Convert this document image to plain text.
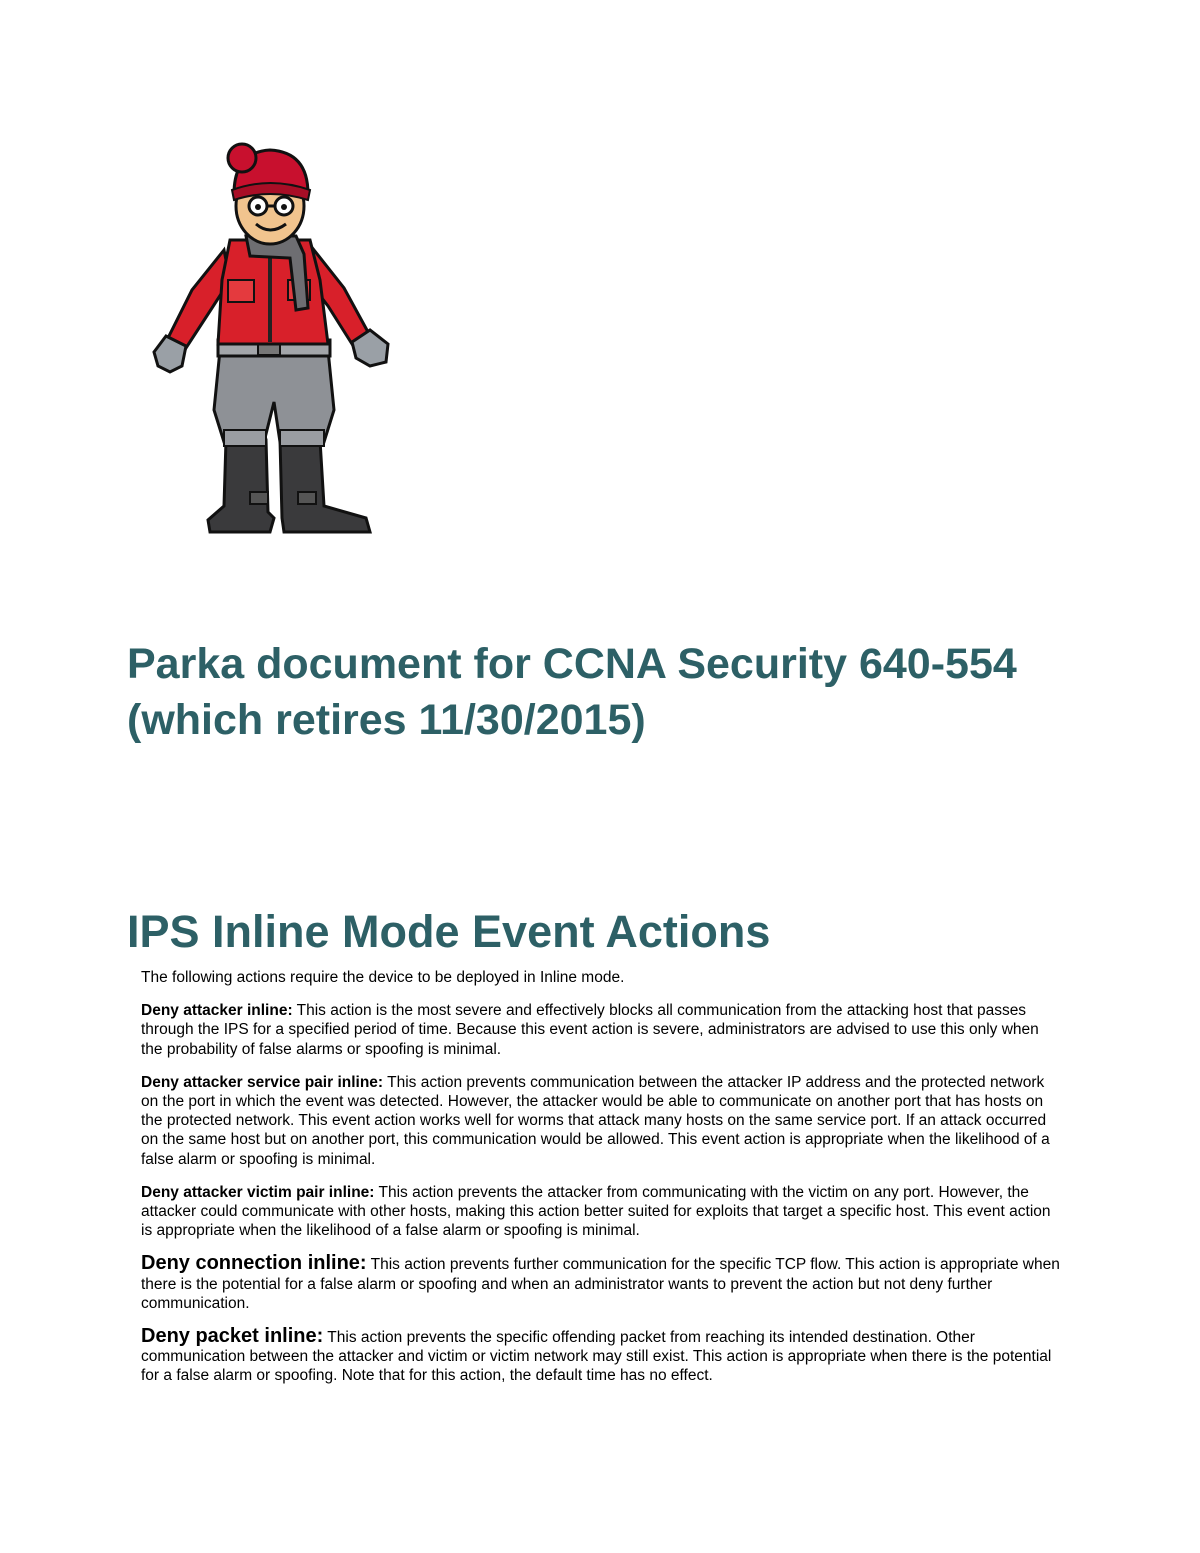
Parka document for CCNA Security 640-554 (which retires 11/30/2015)
IPS Inline Mode Event Actions

The following actions require the device to be deployed in Inline mode.

Deny attacker inline: This action is the most severe and effectively blocks all communication from the attacking host that passes through the IPS for a specified period of time. Because this event action is severe, administrators are advised to use this only when the probability of false alarms or spoofing is minimal.

Deny attacker service pair inline: This action prevents communication between the attacker IP address and the protected network on the port in which the event was detected. However, the attacker would be able to communicate on another port that has hosts on the protected network. This event action works well for worms that attack many hosts on the same service port. If an attack occurred on the same host but on another port, this communication would be allowed. This event action is appropriate when the likelihood of a false alarm or spoofing is minimal.

Deny attacker victim pair inline: This action prevents the attacker from communicating with the victim on any port. However, the attacker could communicate with other hosts, making this action better suited for exploits that target a specific host. This event action is appropriate when the likelihood of a false alarm or spoofing is minimal.

Deny connection inline: This action prevents further communication for the specific TCP flow. This action is appropriate when there is the potential for a false alarm or spoofing and when an administrator wants to prevent the action but not deny further communication.

Deny packet inline: This action prevents the specific offending packet from reaching its intended destination. Other communication between the attacker and victim or victim network may still exist. This action is appropriate when there is the potential for a false alarm or spoofing. Note that for this action, the default time has no effect.
